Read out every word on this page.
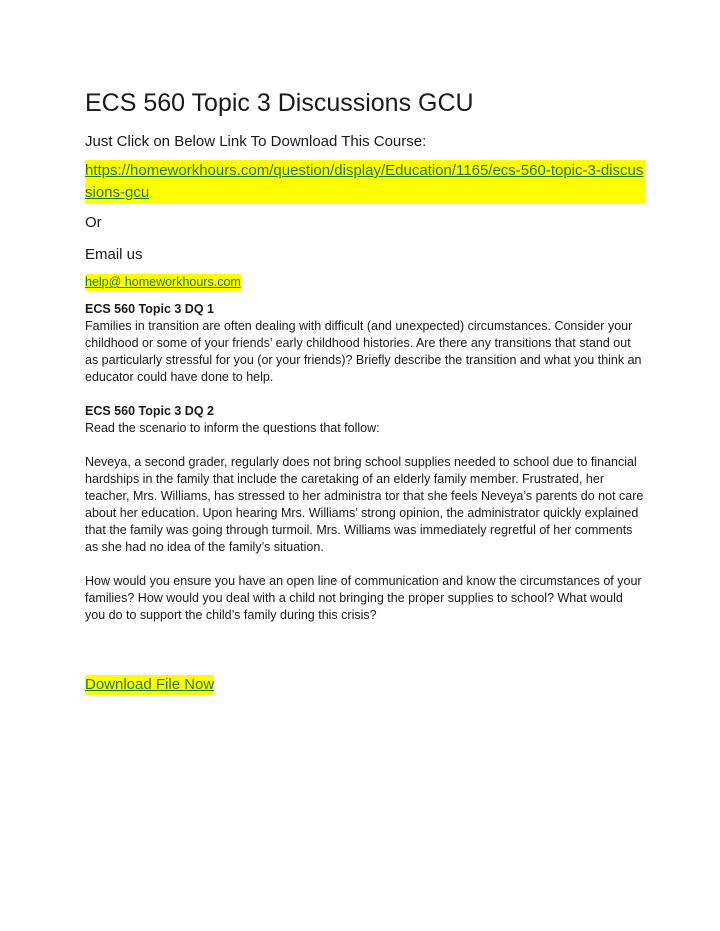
ECS 560 Topic 3 Discussions GCU

Just Click on Below Link To Download This Course:

https://homeworkhours.com/question/display/Education/1165/ecs-560-topic-3-discussions-gcu

Or

Email us

help@ homeworkhours.com

ECS 560 Topic 3 DQ 1

Families in transition are often dealing with difficult (and unexpected) circumstances. Consider your childhood or some of your friends’ early childhood histories. Are there any transitions that stand out as particularly stressful for you (or your friends)? Briefly describe the transition and what you think an educator could have done to help.

ECS 560 Topic 3 DQ 2

Read the scenario to inform the questions that follow:

Neveya, a second grader, regularly does not bring school supplies needed to school due to financial hardships in the family that include the caretaking of an elderly family member. Frustrated, her teacher, Mrs. Williams, has stressed to her administra tor that she feels Neveya’s parents do not care about her education. Upon hearing Mrs. Williams’ strong opinion, the administrator quickly explained that the family was going through turmoil. Mrs. Williams was immediately regretful of her comments as she had no idea of the family’s situation.

How would you ensure you have an open line of communication and know the circumstances of your families? How would you deal with a child not bringing the proper supplies to school? What would you do to support the child’s family during this crisis?

Download File Now
